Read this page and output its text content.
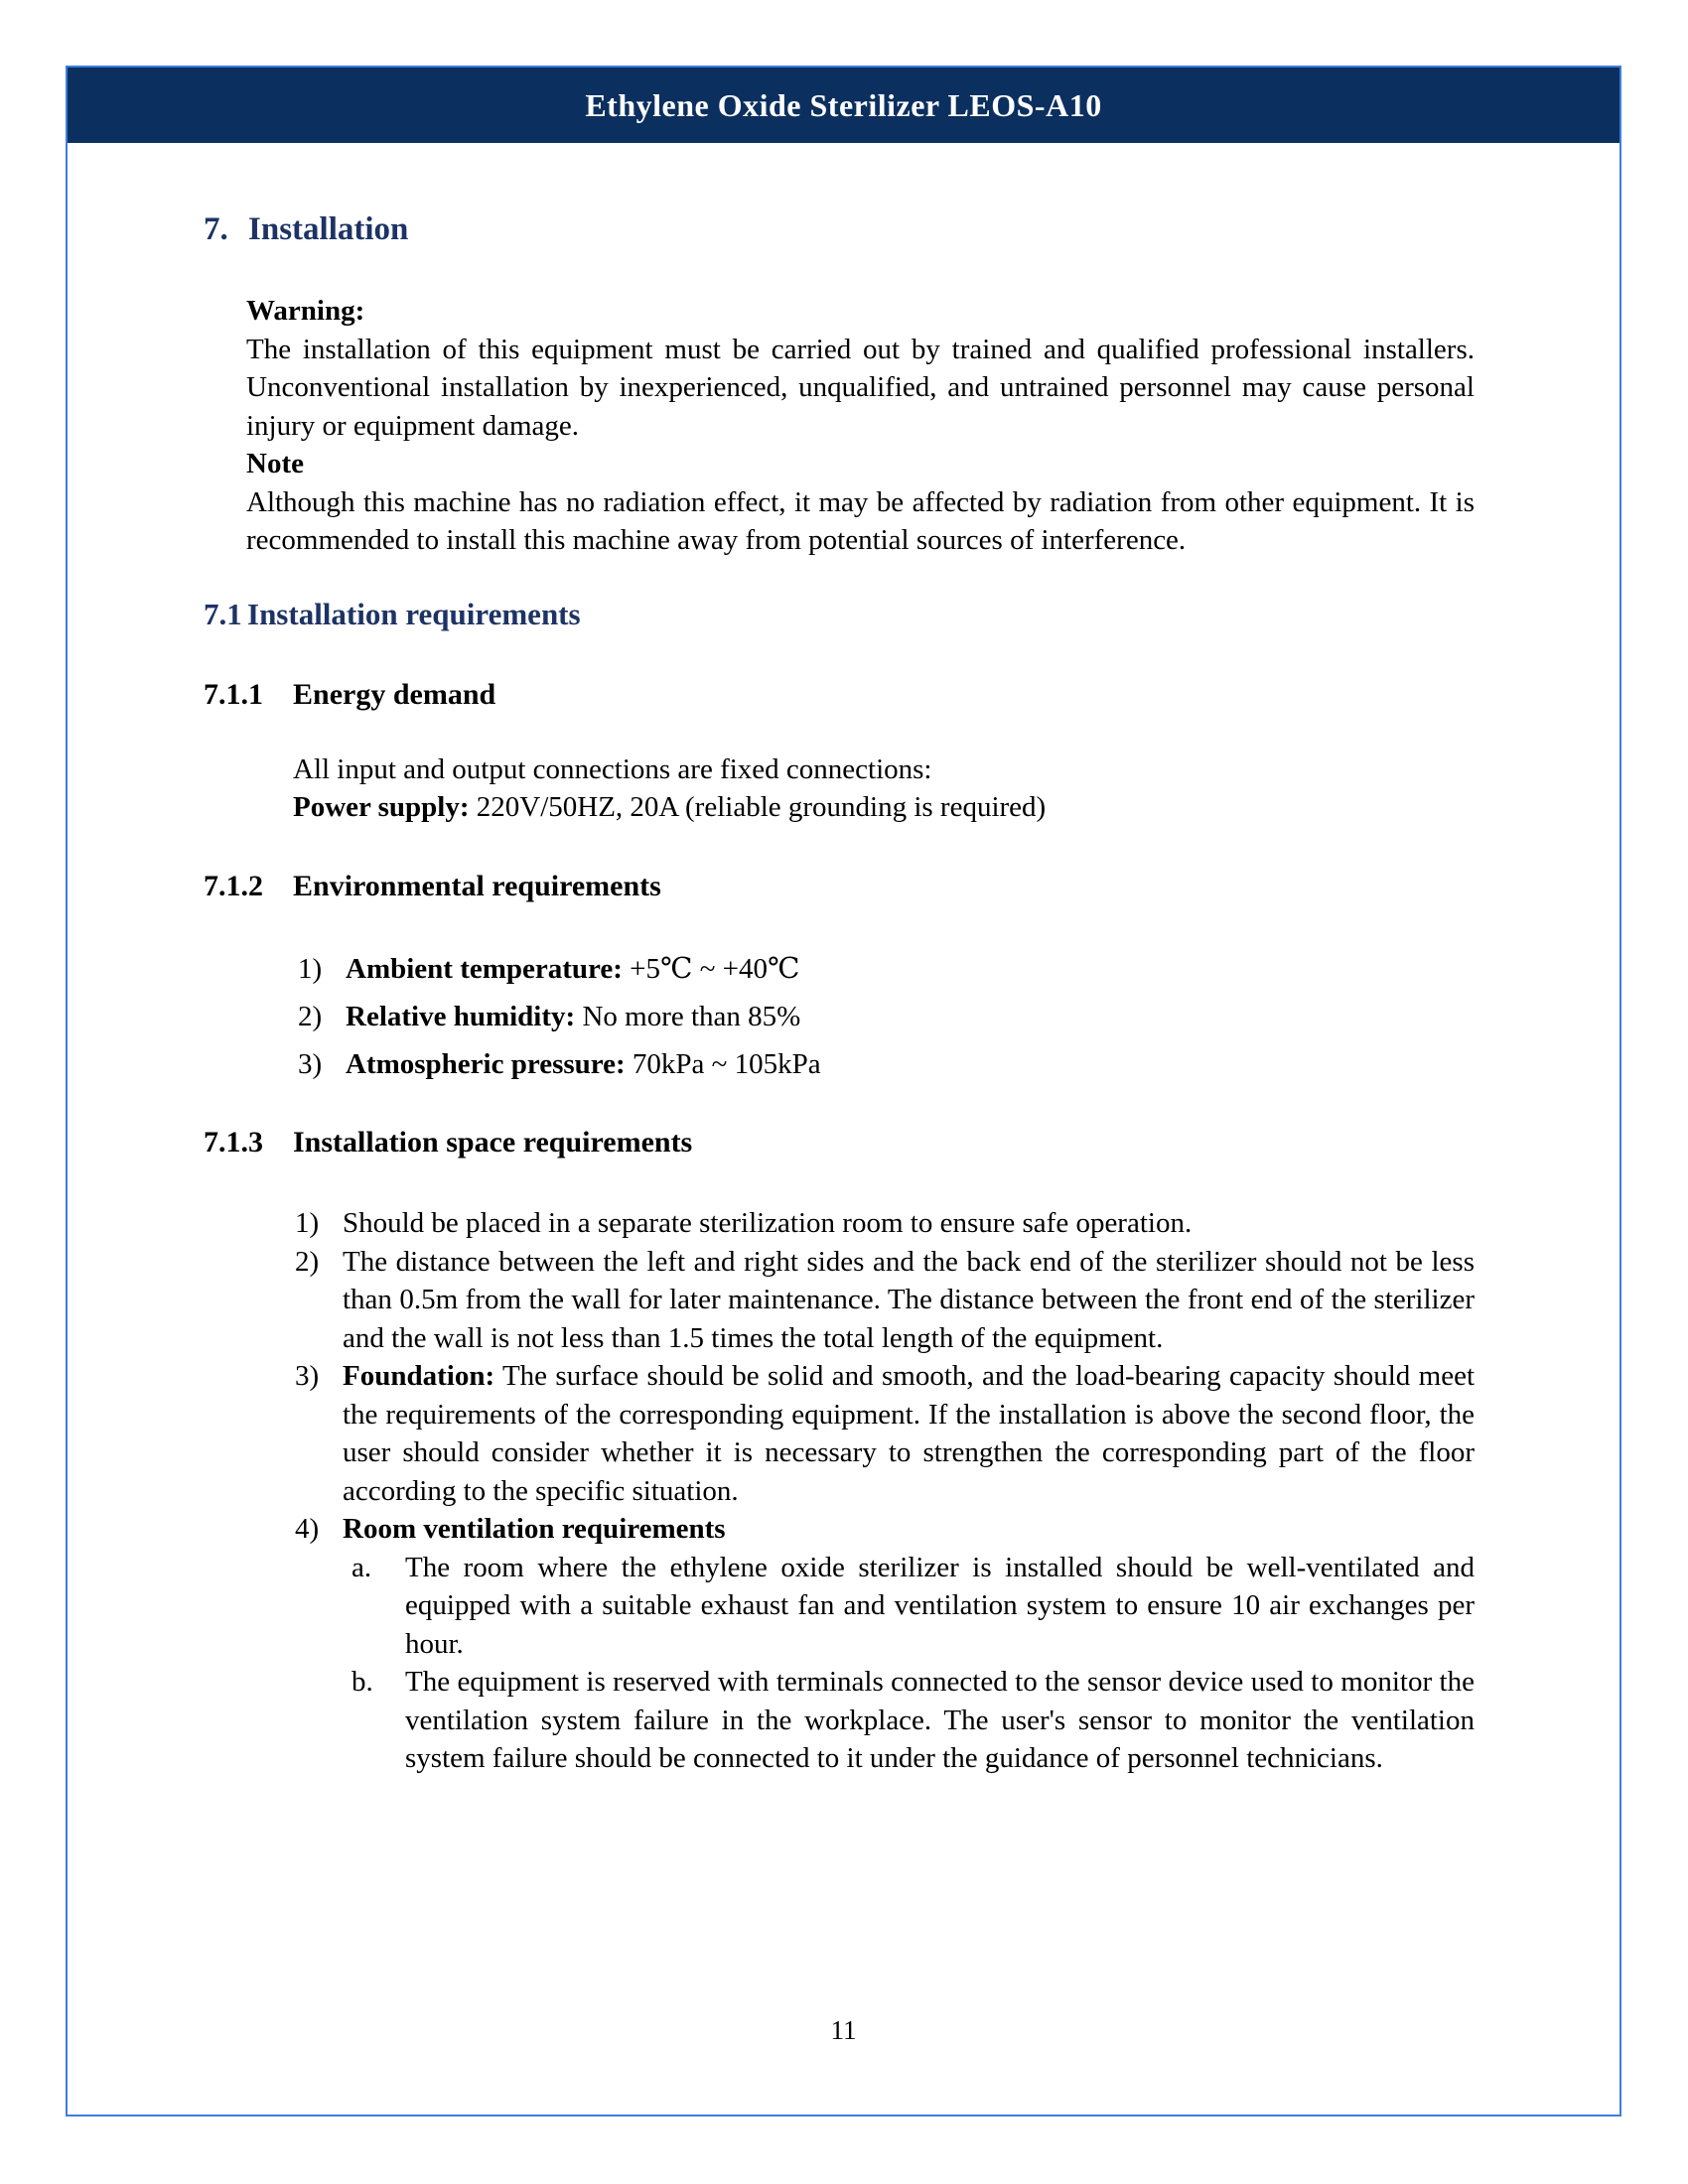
Ethylene Oxide Sterilizer LEOS-A10
7. Installation

Warning:

The installation of this equipment must be carried out by trained and qualified professional installers. Unconventional installation by inexperienced, unqualified, and untrained personnel may cause personal injury or equipment damage.

Note

Although this machine has no radiation effect, it may be affected by radiation from other equipment. It is recommended to install this machine away from potential sources of interference.

7.1 Installation requirements
7.1.1	Energy demand

All input and output connections are fixed connections:

Power supply: 220V/50HZ, 20A (reliable grounding is required)

7.1.2	Environmental requirements
1) Ambient temperature: +5℃ ~ +40℃
2) Relative humidity: No more than 85%
3) Atmospheric pressure: 70kPa ~ 105kPa
7.1.3	Installation space requirements
1) Should be placed in a separate sterilization room to ensure safe operation.
2) The distance between the left and right sides and the back end of the sterilizer should not be less than 0.5m from the wall for later maintenance. The distance between the front end of the sterilizer and the wall is not less than 1.5 times the total length of the equipment.
3) Foundation: The surface should be solid and smooth, and the load-bearing capacity should meet the requirements of the corresponding equipment. If the installation is above the second floor, the user should consider whether it is necessary to strengthen the corresponding part of the floor according to the specific situation.
4) Room ventilation requirements
a.	The room where the ethylene oxide sterilizer is installed should be well-ventilated and equipped with a suitable exhaust fan and ventilation system to ensure 10 air exchanges per hour.
b.	The equipment is reserved with terminals connected to the sensor device used to monitor the ventilation system failure in the workplace. The user's sensor to monitor the ventilation system failure should be connected to it under the guidance of personnel technicians.
11
